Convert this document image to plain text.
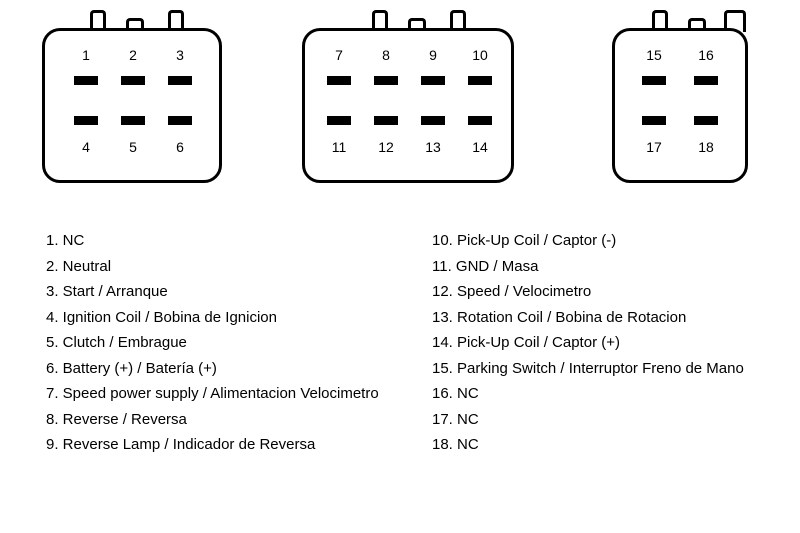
1	2	3
4	5	6
7	8	9	10
11	12	13	14
15	16
17	18
1. NC
2. Neutral
3. Start / Arranque
4. Ignition Coil / Bobina de Ignicion
5. Clutch / Embrague
6. Battery (+) / Batería (+)
7. Speed power supply / Alimentacion Velocimetro
8. Reverse / Reversa
9. Reverse Lamp / Indicador de Reversa
10. Pick-Up Coil / Captor (-)
11. GND / Masa
12. Speed / Velocimetro
13. Rotation Coil / Bobina de Rotacion
14. Pick-Up Coil / Captor (+)
15. Parking Switch / Interruptor Freno de Mano
16. NC
17. NC
18. NC
